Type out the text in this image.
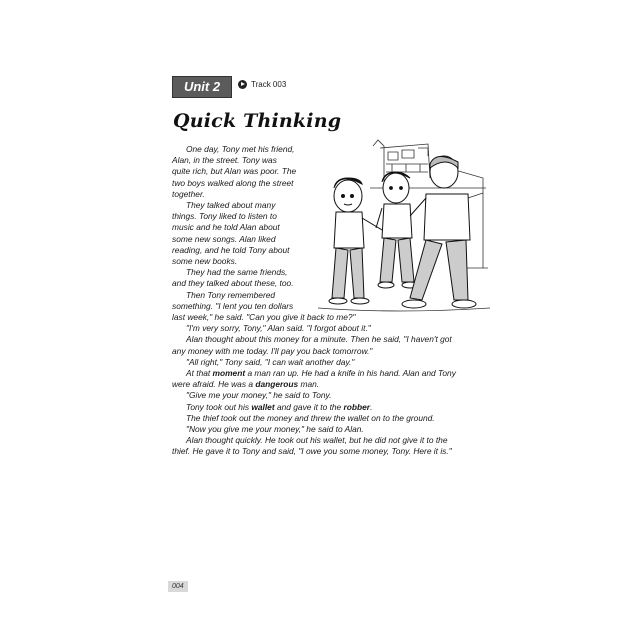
Unit 2	Track 003
Quick Thinking

One day, Tony met his friend,

Alan, in the street. Tony was

quite rich, but Alan was poor. The

two boys walked along the street

together.

They talked about many

things. Tony liked to listen to

music and he told Alan about

some new songs. Alan liked

reading, and he told Tony about

some new books.

They had the same friends,

and they talked about these, too.

Then Tony remembered

something. "I lent you ten dollars

last week," he said. "Can you give it back to me?"

"I'm very sorry, Tony," Alan said. "I forgot about it."

Alan thought about this money for a minute. Then he said, "I haven't got

any money with me today. I'll pay you back tomorrow."

"All right," Tony said, "I can wait another day."

At that moment a man ran up. He had a knife in his hand. Alan and Tony

were afraid. He was a dangerous man.

"Give me your money," he said to Tony.

Tony took out his wallet and gave it to the robber.

The thief took out the money and threw the wallet on to the ground.

"Now you give me your money," he said to Alan.

Alan thought quickly. He took out his wallet, but he did not give it to the

thief. He gave it to Tony and said, "I owe you some money, Tony. Here it is."

004
